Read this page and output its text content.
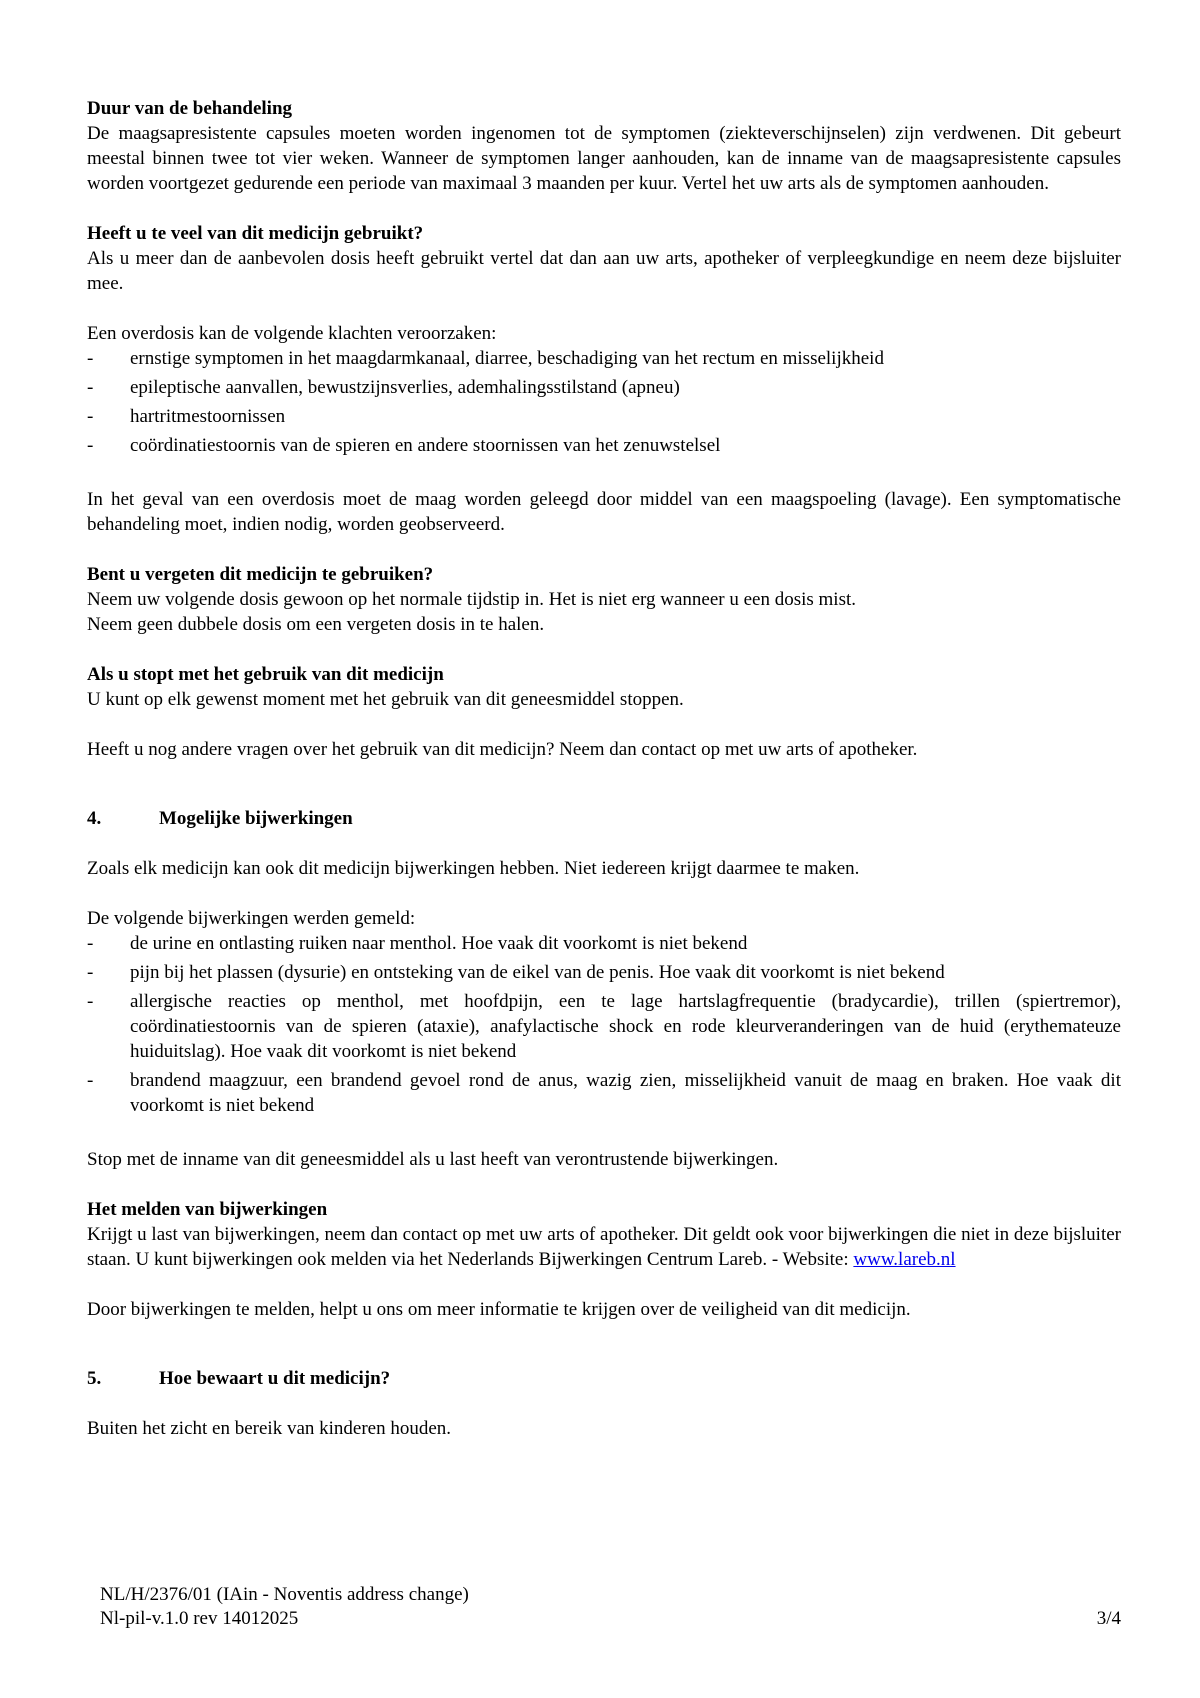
Duur van de behandeling

De maagsapresistente capsules moeten worden ingenomen tot de symptomen (ziekteverschijnselen) zijn verdwenen. Dit gebeurt meestal binnen twee tot vier weken. Wanneer de symptomen langer aanhouden, kan de inname van de maagsapresistente capsules worden voortgezet gedurende een periode van maximaal 3 maanden per kuur. Vertel het uw arts als de symptomen aanhouden.

Heeft u te veel van dit medicijn gebruikt?

Als u meer dan de aanbevolen dosis heeft gebruikt vertel dat dan aan uw arts, apotheker of verpleegkundige en neem deze bijsluiter mee.

Een overdosis kan de volgende klachten veroorzaken:

- ernstige symptomen in het maagdarmkanaal, diarree, beschadiging van het rectum en misselijkheid
- epileptische aanvallen, bewustzijnsverlies, ademhalingsstilstand (apneu)
- hartritmestoornissen
- coördinatiestoornis van de spieren en andere stoornissen van het zenuwstelsel

In het geval van een overdosis moet de maag worden geleegd door middel van een maagspoeling (lavage). Een symptomatische behandeling moet, indien nodig, worden geobserveerd.

Bent u vergeten dit medicijn te gebruiken?

Neem uw volgende dosis gewoon op het normale tijdstip in. Het is niet erg wanneer u een dosis mist.

Neem geen dubbele dosis om een vergeten dosis in te halen.

Als u stopt met het gebruik van dit medicijn

U kunt op elk gewenst moment met het gebruik van dit geneesmiddel stoppen.

Heeft u nog andere vragen over het gebruik van dit medicijn? Neem dan contact op met uw arts of apotheker.

4.	Mogelijke bijwerkingen

Zoals elk medicijn kan ook dit medicijn bijwerkingen hebben. Niet iedereen krijgt daarmee te maken.

De volgende bijwerkingen werden gemeld:

- de urine en ontlasting ruiken naar menthol. Hoe vaak dit voorkomt is niet bekend
- pijn bij het plassen (dysurie) en ontsteking van de eikel van de penis. Hoe vaak dit voorkomt is niet bekend
- allergische reacties op menthol, met hoofdpijn, een te lage hartslagfrequentie (bradycardie), trillen (spiertremor), coördinatiestoornis van de spieren (ataxie), anafylactische shock en rode kleurveranderingen van de huid (erythemateuze huiduitslag). Hoe vaak dit voorkomt is niet bekend
- brandend maagzuur, een brandend gevoel rond de anus, wazig zien, misselijkheid vanuit de maag en braken. Hoe vaak dit voorkomt is niet bekend

Stop met de inname van dit geneesmiddel als u last heeft van verontrustende bijwerkingen.

Het melden van bijwerkingen

Krijgt u last van bijwerkingen, neem dan contact op met uw arts of apotheker. Dit geldt ook voor bijwerkingen die niet in deze bijsluiter staan. U kunt bijwerkingen ook melden via het Nederlands Bijwerkingen Centrum Lareb. - Website: www.lareb.nl

Door bijwerkingen te melden, helpt u ons om meer informatie te krijgen over de veiligheid van dit medicijn.

5.	Hoe bewaart u dit medicijn?

Buiten het zicht en bereik van kinderen houden.

NL/H/2376/01 (IAin - Noventis address change)

Nl-pil-v.1.0 rev 14012025	3/4
